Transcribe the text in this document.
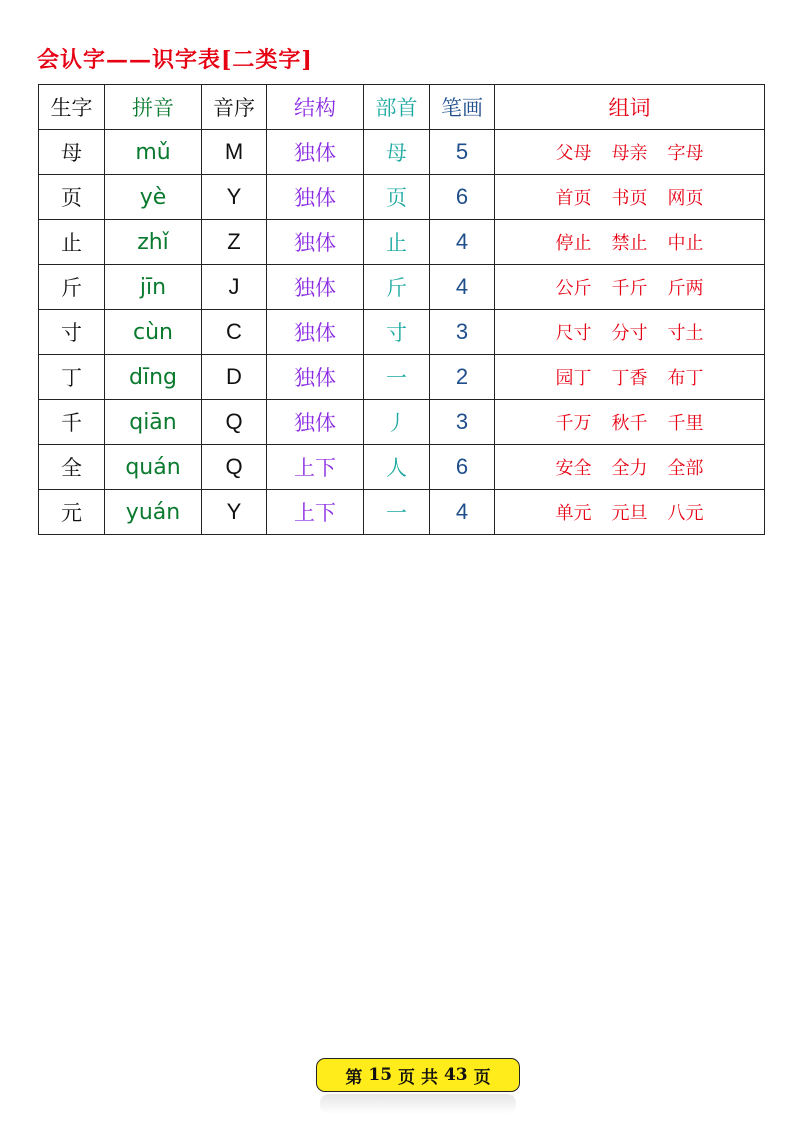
会认字——识字表[二类字]
生字	拼音	音序	结构	部首	笔画	组词
母	mǔ	M	独体	母	5	父母 母亲 字母
页	yè	Y	独体	页	6	首页 书页 网页
止	zhǐ	Z	独体	止	4	停止 禁止 中止
斤	jīn	J	独体	斤	4	公斤 千斤 斤两
寸	cùn	C	独体	寸	3	尺寸 分寸 寸土
丁	dīng	D	独体	一	2	园丁 丁香 布丁
千	qiān	Q	独体	丿	3	千万 秋千 千里
全	quán	Q	上下	人	6	安全 全力 全部
元	yuán	Y	上下	一	4	单元 元旦 八元
第 15 页 共 43 页
